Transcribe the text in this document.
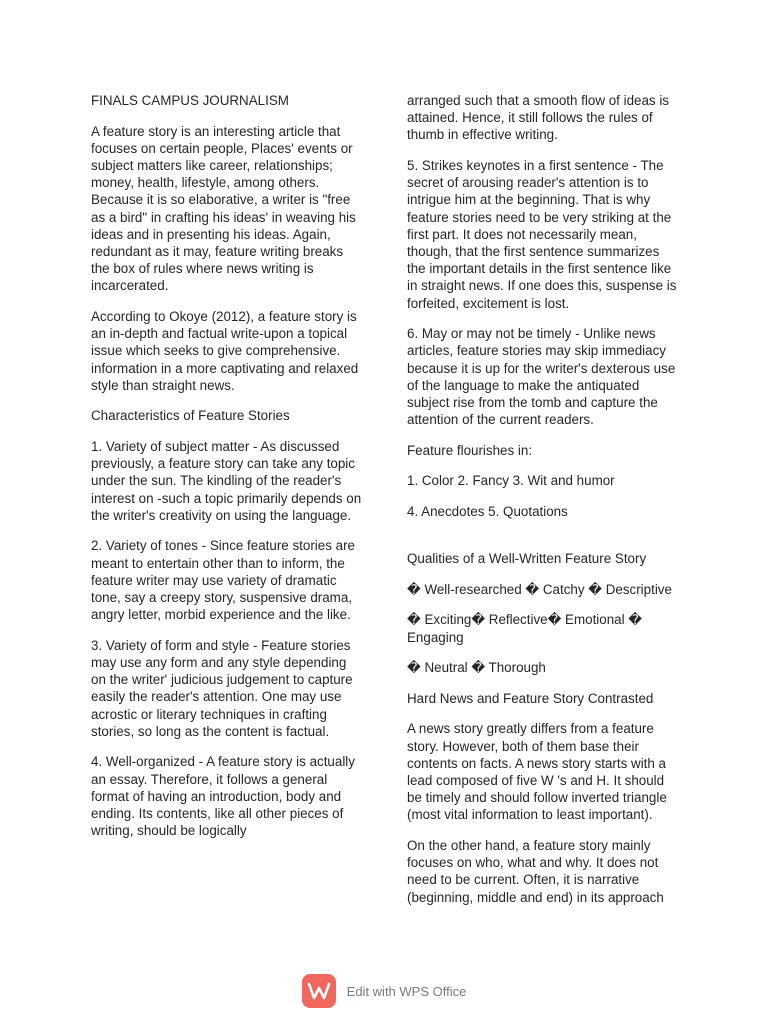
FINALS CAMPUS JOURNALISM

A feature story is an interesting article that focuses on certain people, Places' events or subject matters like career, relationships; money, health, lifestyle, among others. Because it is so elaborative, a writer is "free as a bird" in crafting his ideas' in weaving his ideas and in presenting his ideas. Again, redundant as it may, feature writing breaks the box of rules where news writing is incarcerated.

According to Okoye (2012), a feature story is an in-depth and factual write-upon a topical issue which seeks to give comprehensive. information in a more captivating and relaxed style than straight news.

Characteristics of Feature Stories

1. Variety of subject matter - As discussed previously, a feature story can take any topic under the sun. The kindling of the reader's interest on -such a topic primarily depends on the writer's creativity on using the language.

2. Variety of tones - Since feature stories are meant to entertain other than to inform, the feature writer may use variety of dramatic tone, say a creepy story, suspensive drama, angry letter, morbid experience and the like.

3. Variety of form and style - Feature stories may use any form and any style depending on the writer' judicious judgement to capture easily the reader's attention. One may use acrostic or literary techniques in crafting stories, so long as the content is factual.

4. Well-organized - A feature story is actually an essay. Therefore, it follows a general format of having an introduction, body and ending. Its contents, like all other pieces of writing, should be logically

arranged such that a smooth flow of ideas is attained. Hence, it still follows the rules of thumb in effective writing.

5. Strikes keynotes in a first sentence - The secret of arousing reader's attention is to intrigue him at the beginning. That is why feature stories need to be very striking at the first part. It does not necessarily mean, though, that the first sentence summarizes the important details in the first sentence like in straight news. If one does this, suspense is forfeited, excitement is lost.

6. May or may not be timely - Unlike news articles, feature stories may skip immediacy because it is up for the writer's dexterous use of the language to make the antiquated subject rise from the tomb and capture the attention of the current readers.

Feature flourishes in:

1. Color 2. Fancy 3. Wit and humor

4. Anecdotes 5. Quotations

Qualities of a Well-Written Feature Story

� Well-researched � Catchy � Descriptive

� Exciting� Reflective� Emotional � Engaging

� Neutral � Thorough

Hard News and Feature Story Contrasted

A news story greatly differs from a feature story. However, both of them base their contents on facts. A news story starts with a lead composed of five W 's and H. It should be timely and should follow inverted triangle (most vital information to least important).

On the other hand, a feature story mainly focuses on who, what and why. It does not need to be current. Often, it is narrative (beginning, middle and end) in its approach

Edit with WPS Office
